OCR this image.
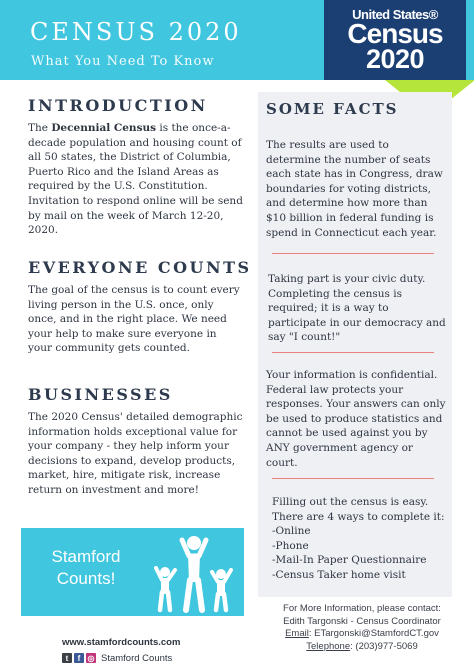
CENSUS 2020
What You Need To Know
United States®
Census
2020
INTRODUCTION
The Decennial Census is the once-a-decade population and housing count of all 50 states, the District of Columbia, Puerto Rico and the Island Areas as required by the U.S. Constitution. Invitation to respond online will be send by mail on the week of March 12-20, 2020.
EVERYONE COUNTS
The goal of the census is to count every living person in the U.S. once, only once, and in the right place. We need your help to make sure everyone in your community gets counted.
BUSINESSES
The 2020 Census' detailed demographic information holds exceptional value for your company - they help inform your decisions to expand, develop products, market, hire, mitigate risk, increase return on investment and more!
SOME FACTS
The results are used to determine the number of seats each state has in Congress, draw boundaries for voting districts, and determine how more than $10 billion in federal funding is spend in Connecticut each year.
Taking part is your civic duty. Completing the census is required; it is a way to participate in our democracy and say "I count!"
Your information is confidential. Federal law protects your responses. Your answers can only be used to produce statistics and cannot be used against you by ANY government agency or court.
Filling out the census is easy. There are 4 ways to complete it:
-Online
-Phone
-Mail-In Paper Questionnaire
-Census Taker home visit
Stamford
Counts!
www.stamfordcounts.com
t	f ◎ Stamford Counts
For More Information, please contact:
Edith Targonski - Census Coordinator
Email: ETargonski@StamfordCT.gov
Telephone: (203)977-5069
